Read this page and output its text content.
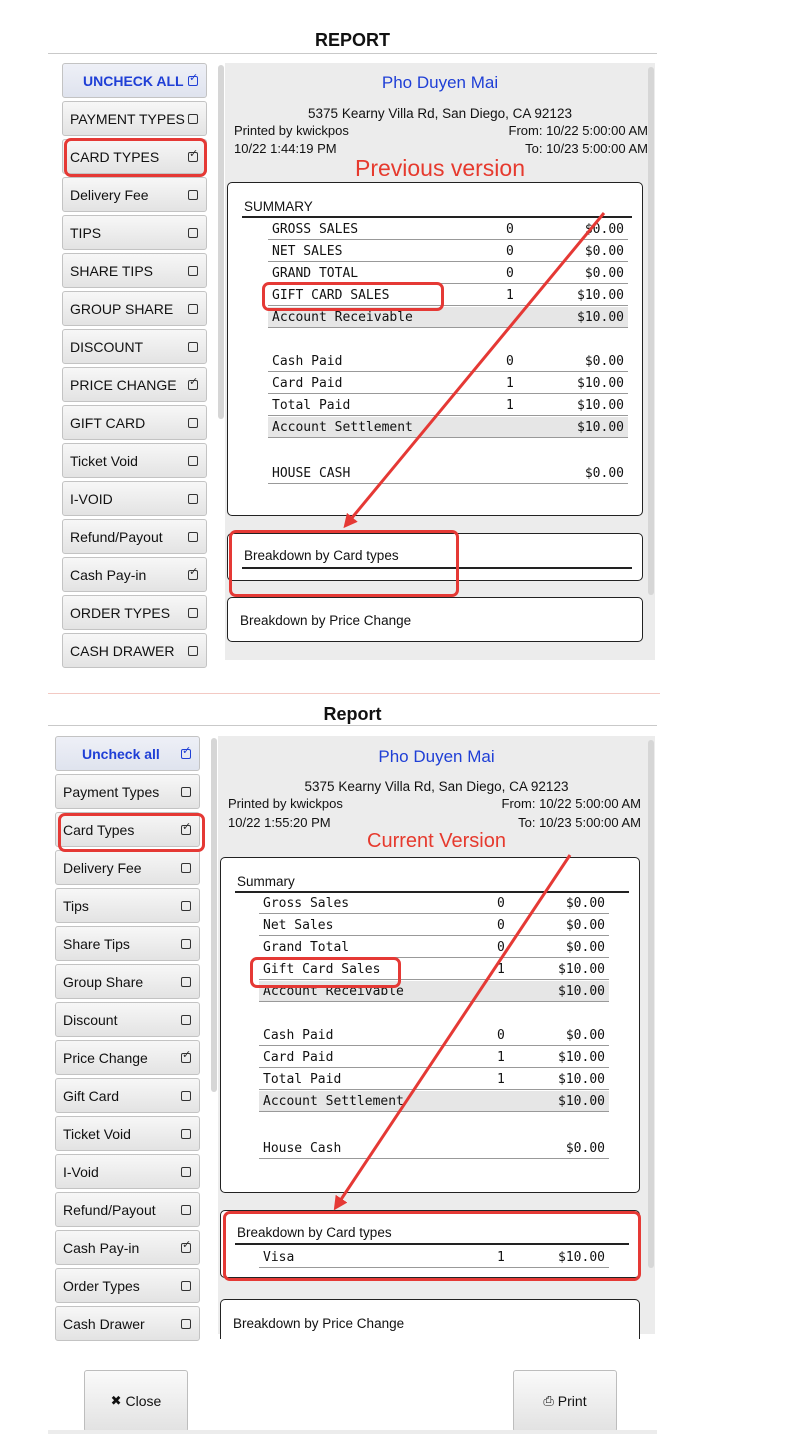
REPORT
UNCHECK ALL
✓
PAYMENT TYPES
CARD TYPES
✓
Delivery Fee
TIPS
SHARE TIPS
GROUP SHARE
DISCOUNT
PRICE CHANGE
✓
GIFT CARD
Ticket Void
I-VOID
Refund/Payout
Cash Pay-in
✓
ORDER TYPES
CASH DRAWER
Pho Duyen Mai
5375 Kearny Villa Rd, San Diego, CA 92123
Printed by kwickpos	From: 10/22 5:00:00 AM
10/22 1:44:19 PM	To: 10/23 5:00:00 AM
Previous version
SUMMARY
GROSS SALES	0	$0.00
NET SALES	0	$0.00
GRAND TOTAL	0	$0.00
GIFT CARD SALES	1	$10.00
Account Receivable	$10.00
Cash Paid	0	$0.00
Card Paid	1	$10.00
Total Paid	1	$10.00
Account Settlement	$10.00
HOUSE CASH	$0.00
Breakdown by Card types
Breakdown by Price Change
Report
Uncheck all
✓
Payment Types
Card Types
✓
Delivery Fee
Tips
Share Tips
Group Share
Discount
Price Change
✓
Gift Card
Ticket Void
I-Void
Refund/Payout
Cash Pay-in
✓
Order Types
Cash Drawer
Pho Duyen Mai
5375 Kearny Villa Rd, San Diego, CA 92123
Printed by kwickpos	From: 10/22 5:00:00 AM
10/22 1:55:20 PM	To: 10/23 5:00:00 AM
Current Version
Summary
Gross Sales	0	$0.00
Net Sales	0	$0.00
Grand Total	0	$0.00
Gift Card Sales	1	$10.00
Account Receivable	$10.00
Cash Paid	0	$0.00
Card Paid	1	$10.00
Total Paid	1	$10.00
Account Settlement	$10.00
House Cash	$0.00
Breakdown by Card types
Visa	1	$10.00
Breakdown by Price Change
✖ Close	⎙ Print
